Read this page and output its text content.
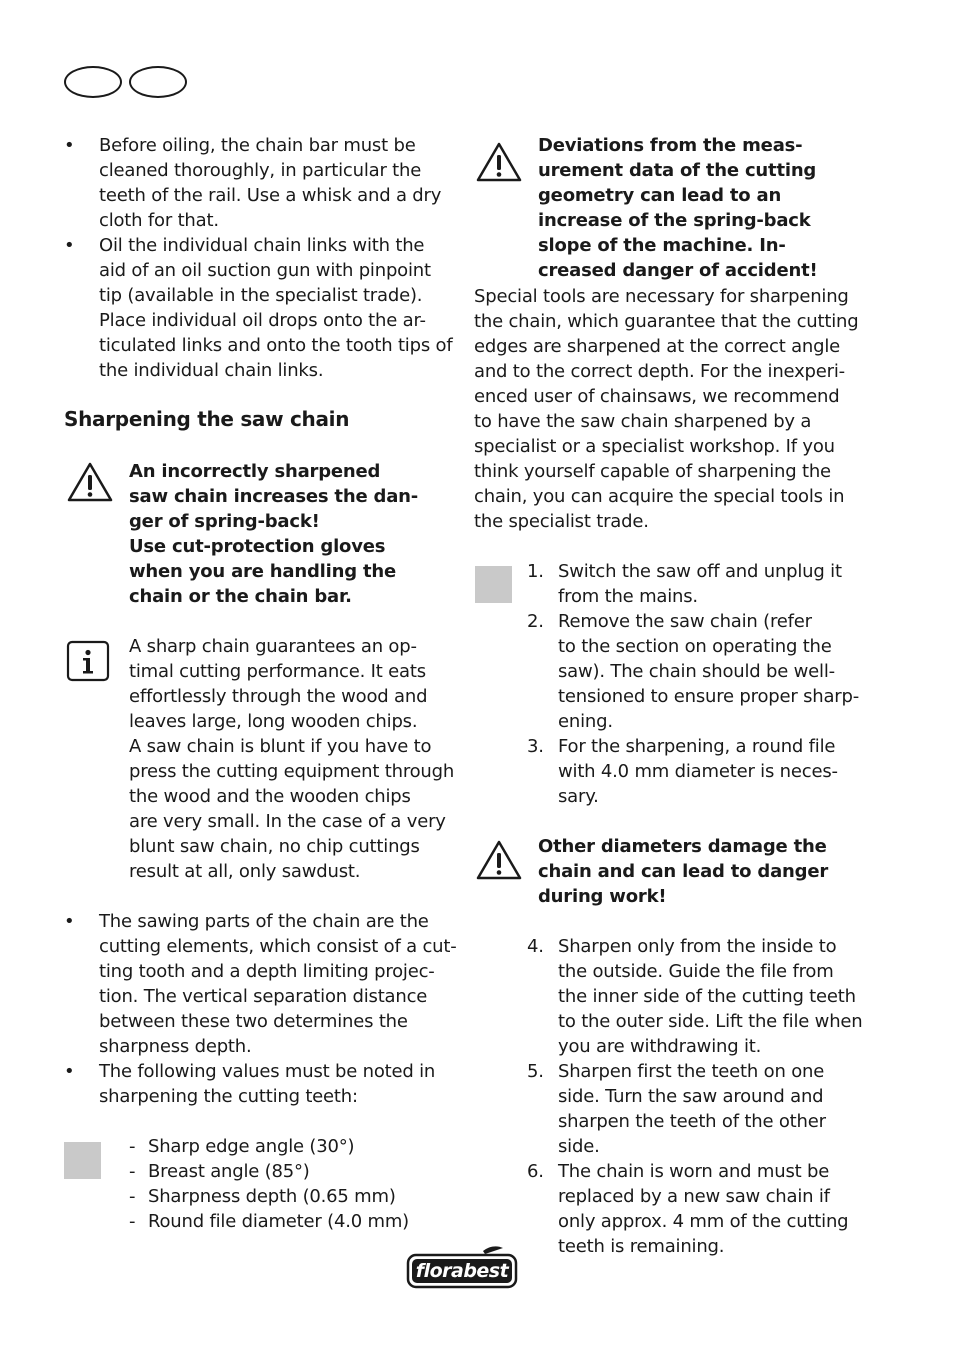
• Before oiling, the chain bar must be
cleaned thoroughly, in particular the
teeth of the rail. Use a whisk and a dry
cloth for that.
• Oil the individual chain links with the
aid of an oil suction gun with pinpoint
tip (available in the specialist trade).
Place individual oil drops onto the ar-
ticulated links and onto the tooth tips of
the individual chain links.
Sharpening the saw chain
An incorrectly sharpened
saw chain increases the dan-
ger of spring-back!
Use cut-protection gloves
when you are handling the
chain or the chain bar.
A sharp chain guarantees an op-
timal cutting performance. It eats
effortlessly through the wood and
leaves large, long wooden chips.
A saw chain is blunt if you have to
press the cutting equipment through
the wood and the wooden chips
are very small. In the case of a very
blunt saw chain, no chip cuttings
result at all, only sawdust.
• The sawing parts of the chain are the
cutting elements, which consist of a cut-
ting tooth and a depth limiting projec-
tion. The vertical separation distance
between these two determines the
sharpness depth.
• The following values must be noted in
sharpening the cutting teeth:
- Sharp edge angle (30°)
- Breast angle (85°)
- Sharpness depth (0.65 mm)
- Round file diameter (4.0 mm)
Deviations from the meas-
urement data of the cutting
geometry can lead to an
increase of the spring-back
slope of the machine. In-
creased danger of accident!
Special tools are necessary for sharpening
the chain, which guarantee that the cutting
edges are sharpened at the correct angle
and to the correct depth. For the inexperi-
enced user of chainsaws, we recommend
to have the saw chain sharpened by a
specialist or a specialist workshop. If you
think yourself capable of sharpening the
chain, you can acquire the special tools in
the specialist trade.
1. Switch the saw off and unplug it
from the mains.
2. Remove the saw chain (refer
to the section on operating the
saw). The chain should be well-
tensioned to ensure proper sharp-
ening.
3. For the sharpening, a round file
with 4.0 mm diameter is neces-
sary.
Other diameters damage the
chain and can lead to danger
during work!
4. Sharpen only from the inside to
the outside. Guide the file from
the inner side of the cutting teeth
to the outer side. Lift the file when
you are withdrawing it.
5. Sharpen first the teeth on one
side. Turn the saw around and
sharpen the teeth of the other
side.
6. The chain is worn and must be
replaced by a new saw chain if
only approx. 4 mm of the cutting
teeth is remaining.
florabest
